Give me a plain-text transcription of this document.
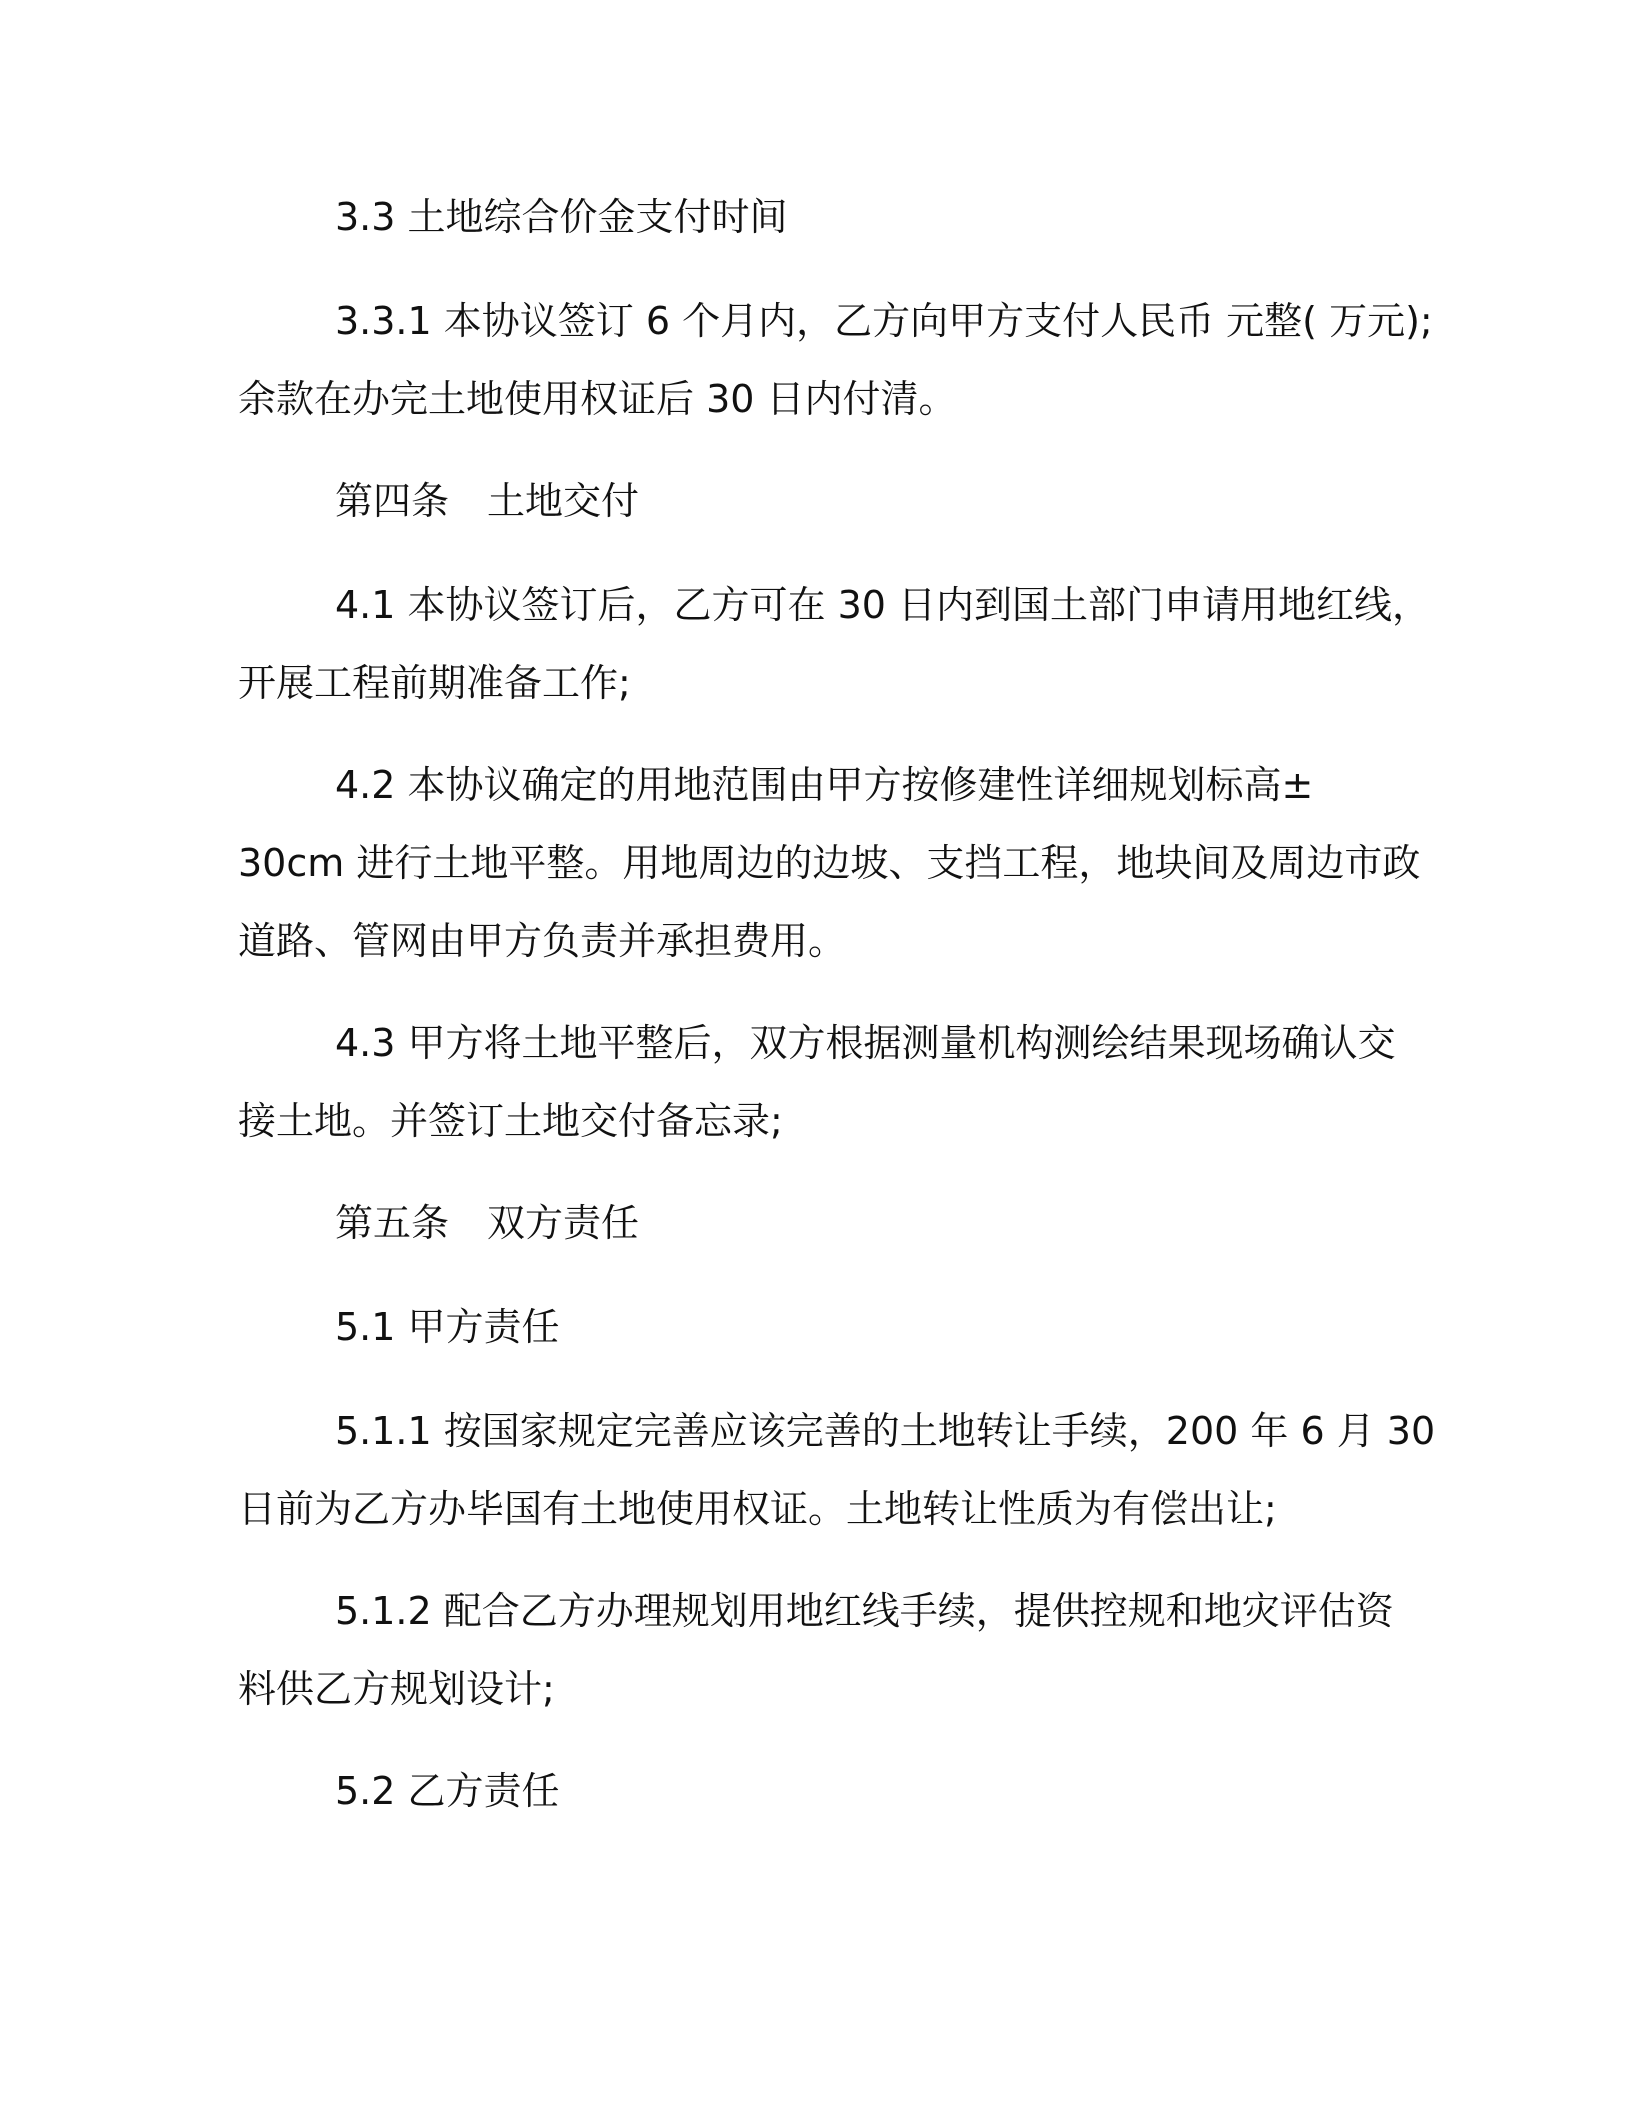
3.3 土地综合价金支付时间
3.3.1 本协议签订 6 个月内，乙方向甲方支付人民币 元整( 万元);
余款在办完土地使用权证后 30 日内付清。
第四条　土地交付
4.1 本协议签订后，乙方可在 30 日内到国土部门申请用地红线，
开展工程前期准备工作;
4.2 本协议确定的用地范围由甲方按修建性详细规划标高±
30cm 进行土地平整。用地周边的边坡、支挡工程，地块间及周边市政
道路、管网由甲方负责并承担费用。
4.3 甲方将土地平整后，双方根据测量机构测绘结果现场确认交
接土地。并签订土地交付备忘录;
第五条　双方责任
5.1 甲方责任
5.1.1 按国家规定完善应该完善的土地转让手续，200 年 6 月 30
日前为乙方办毕国有土地使用权证。土地转让性质为有偿出让;
5.1.2 配合乙方办理规划用地红线手续，提供控规和地灾评估资
料供乙方规划设计;
5.2 乙方责任
